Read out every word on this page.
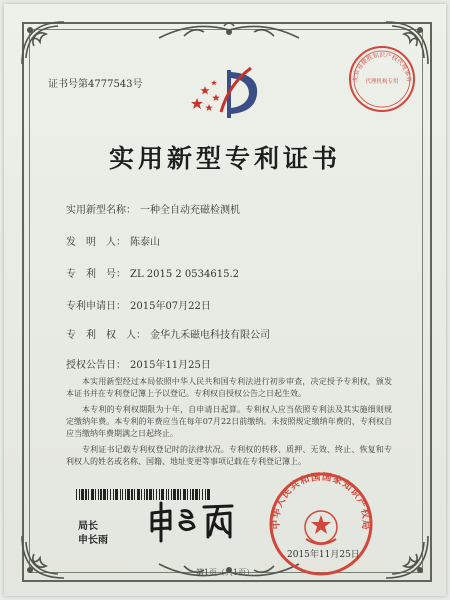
证书号第4777543号
北京易捷胜知识产权代理事务
代理机构专用
实用新型专利证书
实用新型名称： 一种全自动充磁检测机
发　明　人： 陈泰山
专　利　号： ZL 2015 2 0534615.2
专利申请日： 2015年07月22日
专　利　权　人： 金华九禾磁电科技有限公司
授权公告日： 2015年11月25日

本实用新型经过本局依照中华人民共和国专利法进行初步审查，决定授予专利权，颁发本证书并在专利登记簿上予以登记。专利权自授权公告之日起生效。

本专利的专利权期限为十年，自申请日起算。专利权人应当依照专利法及其实施细则规定缴纳年费。本专利的年费应当在每年07月22日前缴纳。未按照规定缴纳年费的，专利权自应当缴纳年费期满之日起终止。

专利证书记载专利权登记时的法律状况。专利权的转移、质押、无效、终止、恢复和专利权人的姓名或名称、国籍、地址变更等事项记载在专利登记簿上。

局长
申长雨
中华人民共和国国家知识产权局
2015年11月25日
第1页（共1页）
